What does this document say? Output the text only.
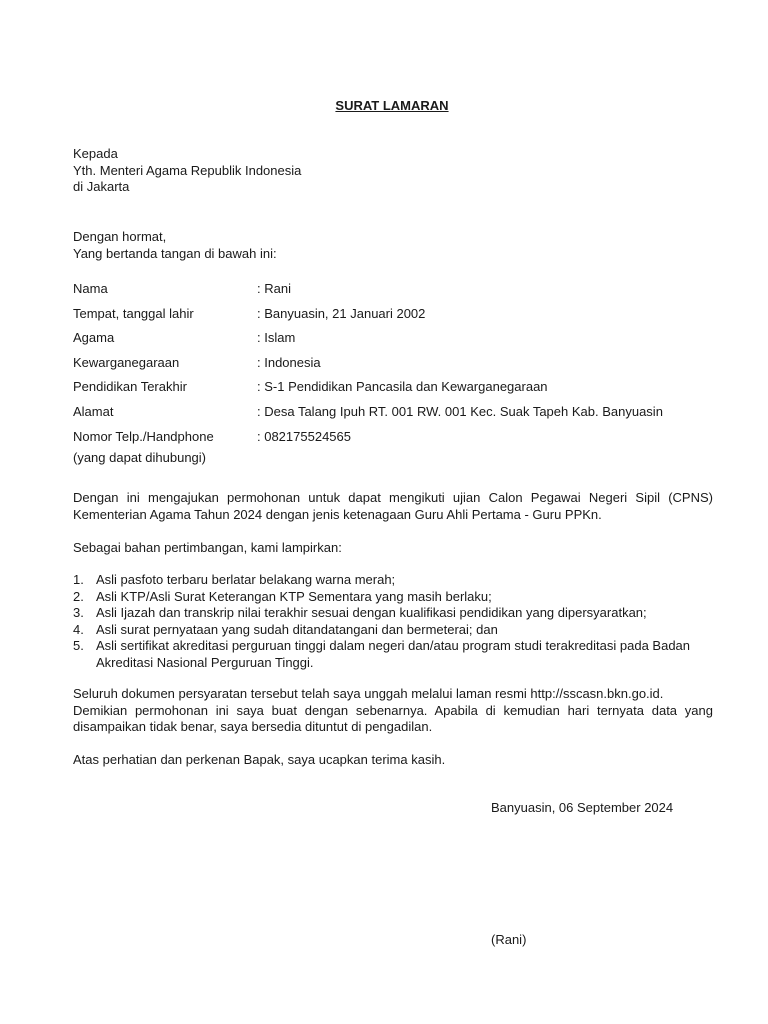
SURAT LAMARAN
Kepada
Yth. Menteri Agama Republik Indonesia
di Jakarta
Dengan hormat,
Yang bertanda tangan di bawah ini:
Nama	: Rani
Tempat, tanggal lahir	: Banyuasin, 21 Januari 2002
Agama	: Islam
Kewarganegaraan	: Indonesia
Pendidikan Terakhir	: S-1 Pendidikan Pancasila dan Kewarganegaraan
Alamat	: Desa Talang Ipuh RT. 001 RW. 001 Kec. Suak Tapeh Kab. Banyuasin
Nomor Telp./Handphone	: 082175524565
(yang dapat dihubungi)
Dengan ini mengajukan permohonan untuk dapat mengikuti ujian Calon Pegawai Negeri Sipil (CPNS) Kementerian Agama Tahun 2024 dengan jenis ketenagaan Guru Ahli Pertama - Guru PPKn.
Sebagai bahan pertimbangan, kami lampirkan:
1. Asli pasfoto terbaru berlatar belakang warna merah;
2. Asli KTP/Asli Surat Keterangan KTP Sementara yang masih berlaku;
3. Asli Ijazah dan transkrip nilai terakhir sesuai dengan kualifikasi pendidikan yang dipersyaratkan;
4. Asli surat pernyataan yang sudah ditandatangani dan bermeterai; dan
5. Asli sertifikat akreditasi perguruan tinggi dalam negeri dan/atau program studi terakreditasi pada Badan Akreditasi Nasional Perguruan Tinggi.
Seluruh dokumen persyaratan tersebut telah saya unggah melalui laman resmi http://sscasn.bkn.go.id.
Demikian permohonan ini saya buat dengan sebenarnya. Apabila di kemudian hari ternyata data yang disampaikan tidak benar, saya bersedia dituntut di pengadilan.
Atas perhatian dan perkenan Bapak, saya ucapkan terima kasih.
Banyuasin, 06 September 2024
(Rani)
